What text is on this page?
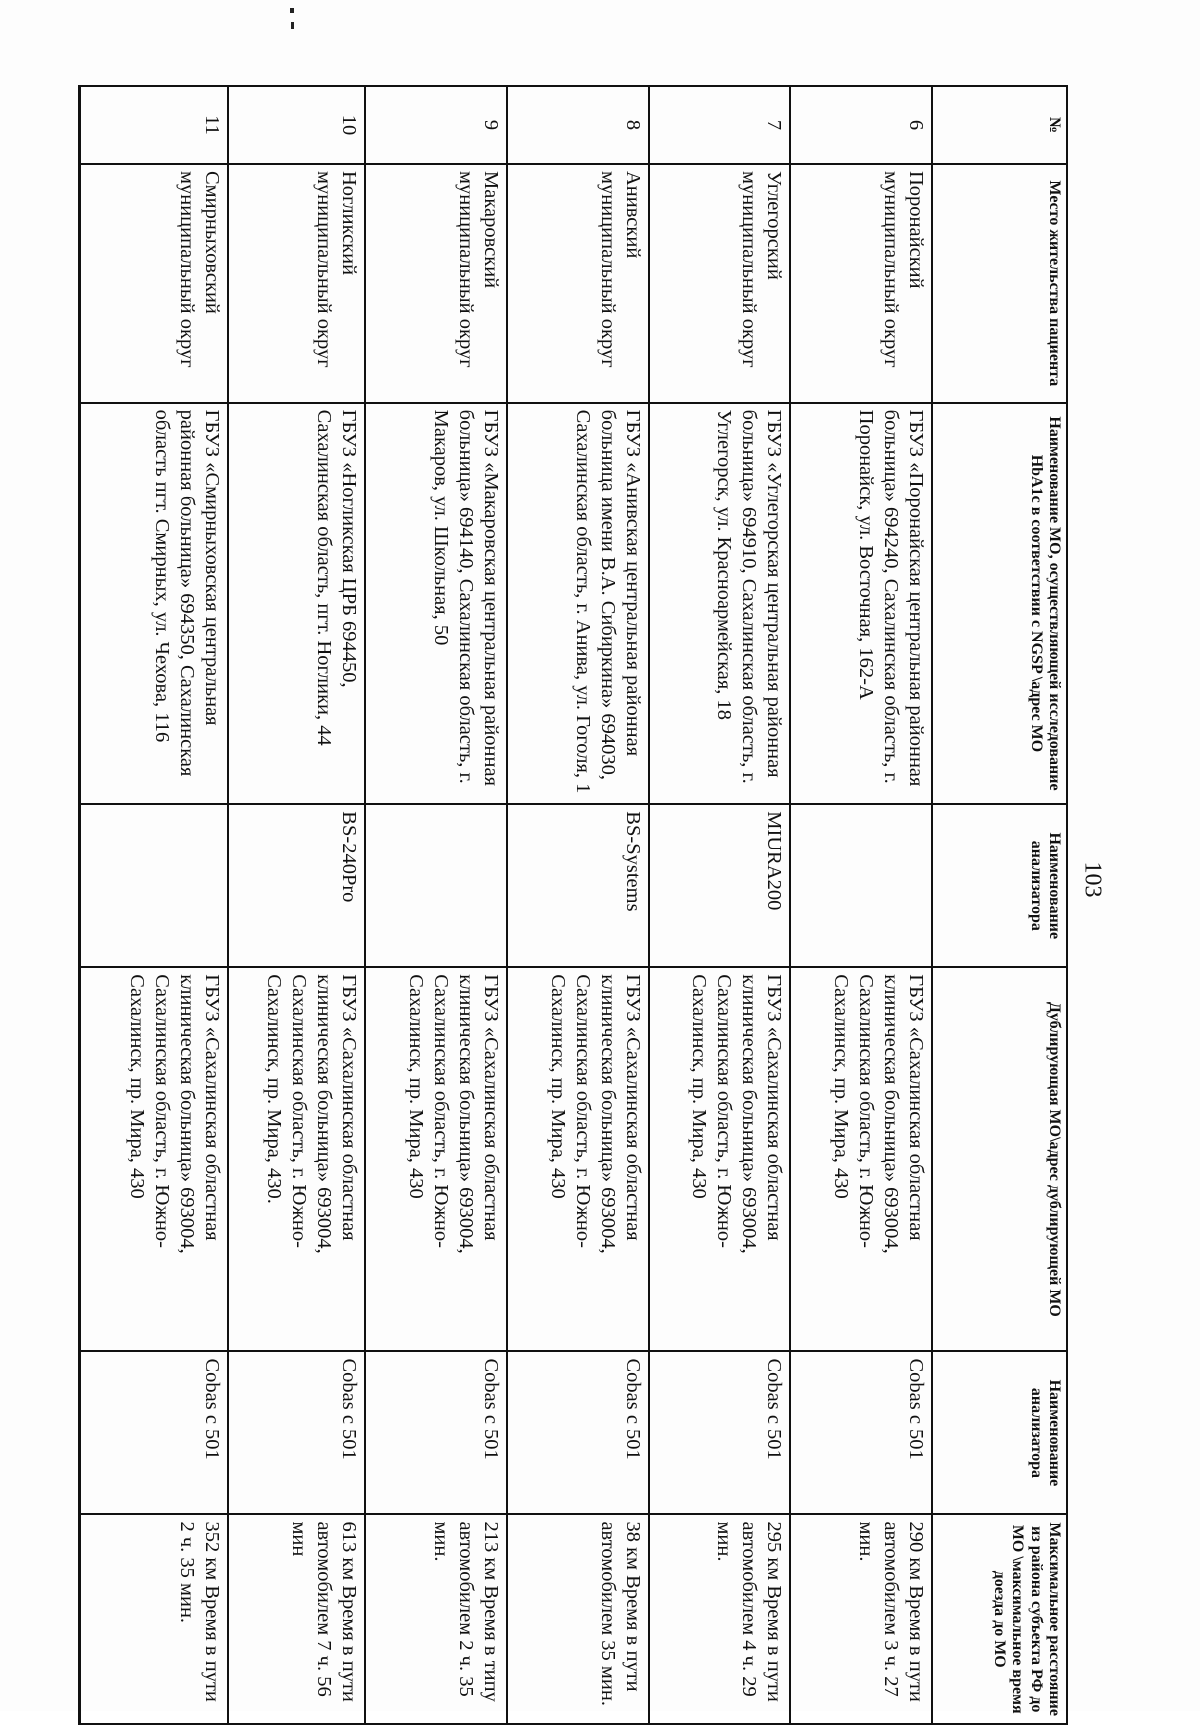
103
№	Место жительства пациента	Наименование МО, осуществляющей исследование HbA1c в соответствии с NGSP \адрес МО	Наименование анализатора	Дублирующая МО\адрес дублирующей МО	Наименование анализатора	Максимальное расстояние из района субъекта РФ до МО \максимальное время доезда до МО
6	Поронайский муниципальный округ	ГБУЗ «Поронайская центральная районная больница» 694240, Сахалинская область, г. Поронайск, ул. Восточная, 162-А		ГБУЗ «Сахалинская областная клиническая больница» 693004, Сахалинская область, г. Южно-Сахалинск, пр. Мира, 430	Cobas c 501	290 км Время в пути автомобилем 3 ч. 27 мин.
7	Углегорский муниципальный округ	ГБУЗ «Углегорская центральная районная больница» 694910, Сахалинская область, г. Углегорск, ул. Красноармейская, 18	MIURA200	ГБУЗ «Сахалинская областная клиническая больница» 693004, Сахалинская область, г. Южно-Сахалинск, пр. Мира, 430	Cobas c 501	295 км Время в пути автомобилем 4 ч. 29 мин.
8	Анивский муниципальный округ	ГБУЗ «Анивская центральная районная больница имени В.А. Сибиркина» 694030, Сахалинская область, г. Анива, ул. Гоголя, 1	BS-Systems	ГБУЗ «Сахалинская областная клиническая больница» 693004, Сахалинская область, г. Южно-Сахалинск, пр. Мира, 430	Cobas c 501	38 км Время в пути автомобилем 35 мин.
9	Макаровский муниципальный округ	ГБУЗ «Макаровская центральная районная больница» 694140, Сахалинская область, г. Макаров, ул. Школьная, 50		ГБУЗ «Сахалинская областная клиническая больница» 693004, Сахалинская область, г. Южно-Сахалинск, пр. Мира, 430	Cobas c 501	213 км Время в типу автомобилем 2 ч. 35 мин.
10	Ногликский муниципальный округ	ГБУЗ «Ногликская ЦРБ 694450, Сахалинская область, пгт. Ноглики, 44	BS-240Pro	ГБУЗ «Сахалинская областная клиническая больница» 693004, Сахалинская область, г. Южно-Сахалинск, пр. Мира, 430.	Cobas c 501	613 км Время в пути автомобилем 7 ч. 56 мин
11	Смирныховский муниципальный округ	ГБУЗ «Смирныховская центральная районная больница» 694350, Сахалинская область пгт. Смирных, ул. Чехова, 116		ГБУЗ «Сахалинская областная клиническая больница» 693004, Сахалинская область, г. Южно-Сахалинск, пр. Мира, 430	Cobas c 501	352 км Время в пути 2 ч. 35 мин.
